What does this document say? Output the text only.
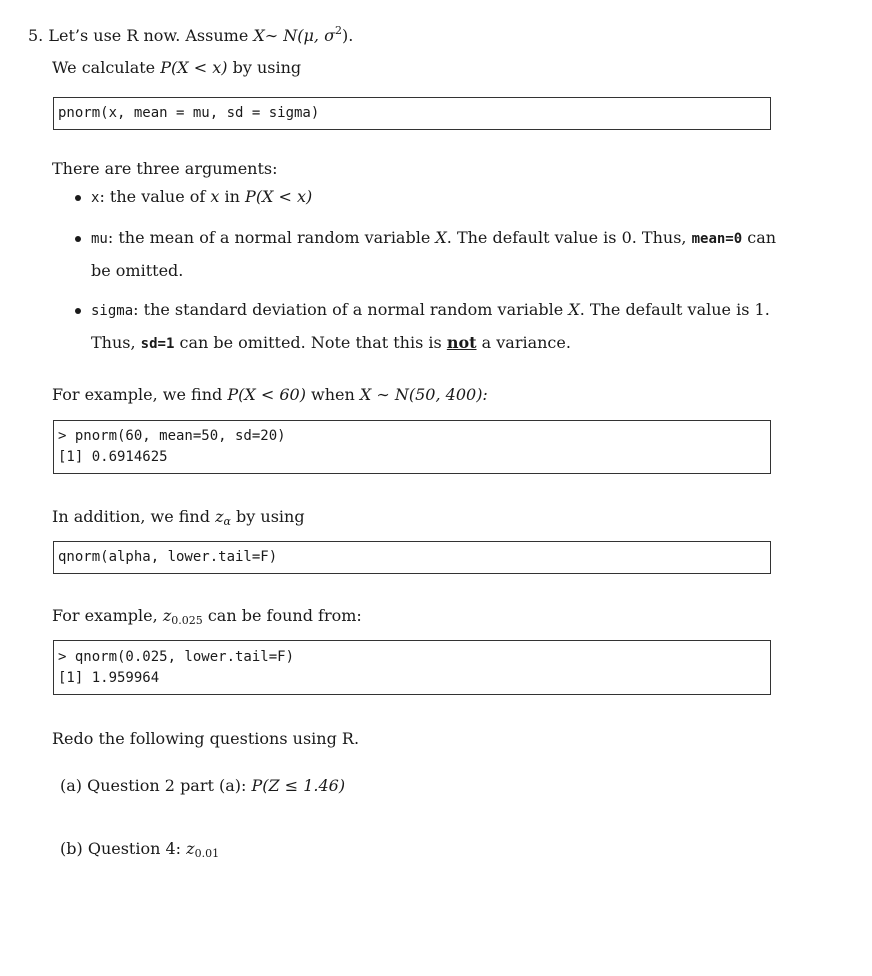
5. Let’s use R now. Assume X∼ N(μ, $\sigma^2$).
We calculate P(X < x) by using
pnorm(x, mean = mu, sd = sigma)
There are three arguments:
x: the value of x in P(X < x)
mu: the mean of a normal random variable X. The default value is 0. Thus, mean=0 can
be omitted.
sigma: the standard deviation of a normal random variable X. The default value is 1.
Thus, sd=1 can be omitted. Note that this is not a variance.
For example, we find P(X < 60) when X ∼ N(50, 400):
> pnorm(60, mean=50, sd=20)
[1] 0.6914625
In addition, we find $z_\alpha$ by using
qnorm(alpha, lower.tail=F)
For example, $z_{0.025}$ can be found from:
> qnorm(0.025, lower.tail=F)
[1] 1.959964
Redo the following questions using R.
(a) Question 2 part (a): P(Z ≤ 1.46)
(b) Question 4: $z_{0.01}$
